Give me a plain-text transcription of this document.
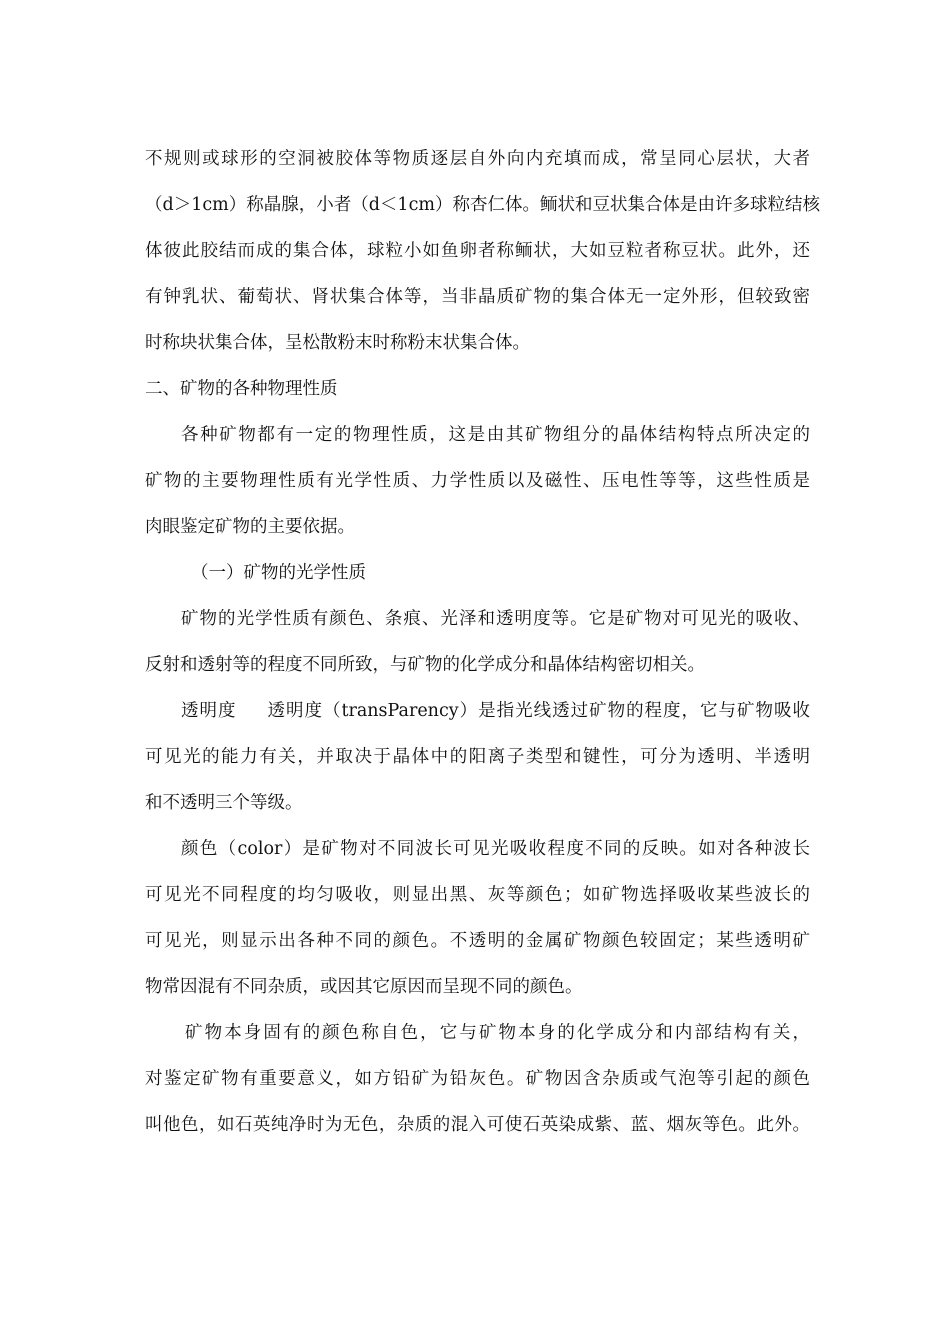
不规则或球形的空洞被胶体等物质逐层自外向内充填而成，常呈同心层状，大者
（d＞1cm）称晶腺，小者（d＜1cm）称杏仁体。鲕状和豆状集合体是由许多球粒结核
体彼此胶结而成的集合体，球粒小如鱼卵者称鲕状，大如豆粒者称豆状。此外，还
有钟乳状、葡萄状、肾状集合体等，当非晶质矿物的集合体无一定外形，但较致密
时称块状集合体，呈松散粉末时称粉末状集合体。
二、矿物的各种物理性质
各种矿物都有一定的物理性质，这是由其矿物组分的晶体结构特点所决定的
矿物的主要物理性质有光学性质、力学性质以及磁性、压电性等等，这些性质是
肉眼鉴定矿物的主要依据。
（一）矿物的光学性质
矿物的光学性质有颜色、条痕、光泽和透明度等。它是矿物对可见光的吸收、
反射和透射等的程度不同所致，与矿物的化学成分和晶体结构密切相关。
透明度 透明度（transParency）是指光线透过矿物的程度，它与矿物吸收
可见光的能力有关，并取决于晶体中的阳离子类型和键性，可分为透明、半透明
和不透明三个等级。
颜色（color）是矿物对不同波长可见光吸收程度不同的反映。如对各种波长
可见光不同程度的均匀吸收，则显出黑、灰等颜色；如矿物选择吸收某些波长的
可见光，则显示出各种不同的颜色。不透明的金属矿物颜色较固定；某些透明矿
物常因混有不同杂质，或因其它原因而呈现不同的颜色。
矿物本身固有的颜色称自色，它与矿物本身的化学成分和内部结构有关，
对鉴定矿物有重要意义，如方铅矿为铅灰色。矿物因含杂质或气泡等引起的颜色
叫他色，如石英纯净时为无色，杂质的混入可使石英染成紫、蓝、烟灰等色。此外。
